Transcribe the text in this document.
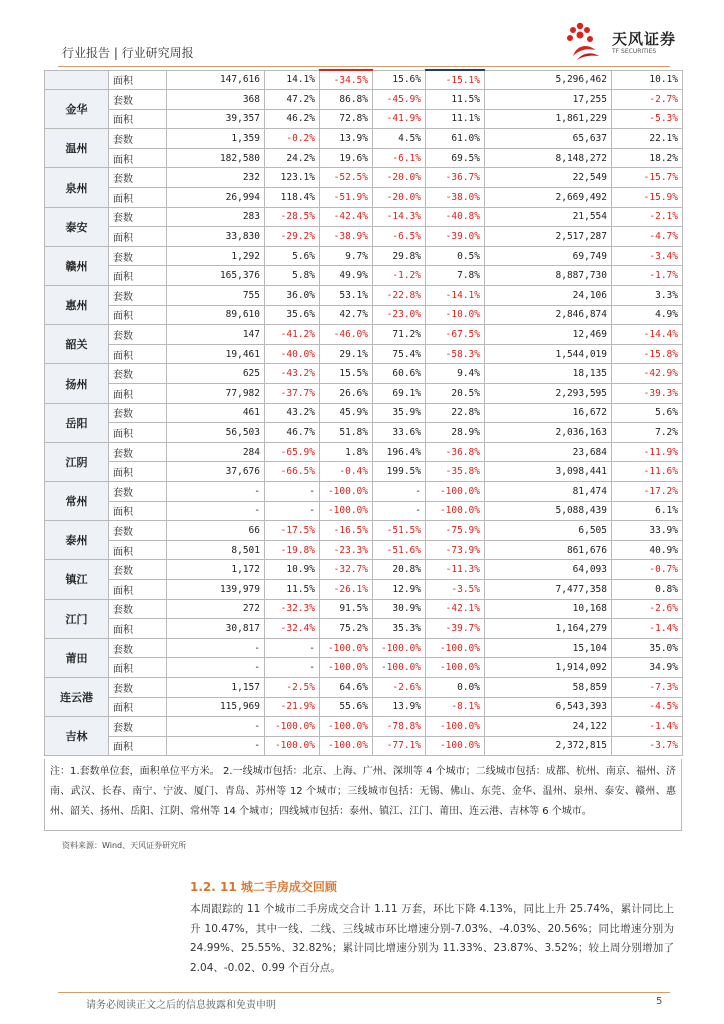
行业报告 | 行业研究周报
天风证券
TF SECURITIES
	面积	147,616	14.1%	-34.5%	15.6%	-15.1%	5,296,462	10.1%
金华	套数	368	47.2%	86.8%	-45.9%	11.5%	17,255	-2.7%
	面积	39,357	46.2%	72.8%	-41.9%	11.1%	1,861,229	-5.3%
温州	套数	1,359	-0.2%	13.9%	4.5%	61.0%	65,637	22.1%
	面积	182,580	24.2%	19.6%	-6.1%	69.5%	8,148,272	18.2%
泉州	套数	232	123.1%	-52.5%	-20.0%	-36.7%	22,549	-15.7%
	面积	26,994	118.4%	-51.9%	-20.0%	-38.0%	2,669,492	-15.9%
泰安	套数	283	-28.5%	-42.4%	-14.3%	-40.8%	21,554	-2.1%
	面积	33,830	-29.2%	-38.9%	-6.5%	-39.0%	2,517,287	-4.7%
赣州	套数	1,292	5.6%	9.7%	29.8%	0.5%	69,749	-3.4%
	面积	165,376	5.8%	49.9%	-1.2%	7.8%	8,887,730	-1.7%
惠州	套数	755	36.0%	53.1%	-22.8%	-14.1%	24,106	3.3%
	面积	89,610	35.6%	42.7%	-23.0%	-10.0%	2,846,874	4.9%
韶关	套数	147	-41.2%	-46.0%	71.2%	-67.5%	12,469	-14.4%
	面积	19,461	-40.0%	29.1%	75.4%	-58.3%	1,544,019	-15.8%
扬州	套数	625	-43.2%	15.5%	60.6%	9.4%	18,135	-42.9%
	面积	77,982	-37.7%	26.6%	69.1%	20.5%	2,293,595	-39.3%
岳阳	套数	461	43.2%	45.9%	35.9%	22.8%	16,672	5.6%
	面积	56,503	46.7%	51.8%	33.6%	28.9%	2,036,163	7.2%
江阴	套数	284	-65.9%	1.8%	196.4%	-36.8%	23,684	-11.9%
	面积	37,676	-66.5%	-0.4%	199.5%	-35.8%	3,098,441	-11.6%
常州	套数	-	-	-100.0%	-	-100.0%	81,474	-17.2%
	面积	-	-	-100.0%	-	-100.0%	5,088,439	6.1%
泰州	套数	66	-17.5%	-16.5%	-51.5%	-75.9%	6,505	33.9%
	面积	8,501	-19.8%	-23.3%	-51.6%	-73.9%	861,676	40.9%
镇江	套数	1,172	10.9%	-32.7%	20.8%	-11.3%	64,093	-0.7%
	面积	139,979	11.5%	-26.1%	12.9%	-3.5%	7,477,358	0.8%
江门	套数	272	-32.3%	91.5%	30.9%	-42.1%	10,168	-2.6%
	面积	30,817	-32.4%	75.2%	35.3%	-39.7%	1,164,279	-1.4%
莆田	套数	-	-	-100.0%	-100.0%	-100.0%	15,104	35.0%
	面积	-	-	-100.0%	-100.0%	-100.0%	1,914,092	34.9%
连云港	套数	1,157	-2.5%	64.6%	-2.6%	0.0%	58,859	-7.3%
	面积	115,969	-21.9%	55.6%	13.9%	-8.1%	6,543,393	-4.5%
吉林	套数	-	-100.0%	-100.0%	-78.8%	-100.0%	24,122	-1.4%
	面积	-	-100.0%	-100.0%	-77.1%	-100.0%	2,372,815	-3.7%
注：1.套数单位套，面积单位平方米。 2.一线城市包括：北京、上海、广州、深圳等 4 个城市；二线城市包括：成都、杭州、南京、福州、济南、武汉、长春、南宁、宁波、厦门、青岛、苏州等 12 个城市；三线城市包括：无锡、佛山、东莞、金华、温州、泉州、泰安、赣州、惠州、韶关、扬州、岳阳、江阴、常州等 14 个城市；四线城市包括：泰州、镇江、江门、莆田、连云港、吉林等 6 个城市。
资料来源：Wind、天风证券研究所
1.2. 11 城二手房成交回顾
本周跟踪的 11 个城市二手房成交合计 1.11 万套，环比下降 4.13%，同比上升 25.74%，累计同比上升 10.47%，其中一线、二线、三线城市环比增速分别-7.03%、-4.03%、20.56%；同比增速分别为 24.99%、25.55%、32.82%；累计同比增速分别为 11.33%、23.87%、3.52%；较上周分别增加了 2.04、-0.02、0.99 个百分点。
请务必阅读正文之后的信息披露和免责申明	5
